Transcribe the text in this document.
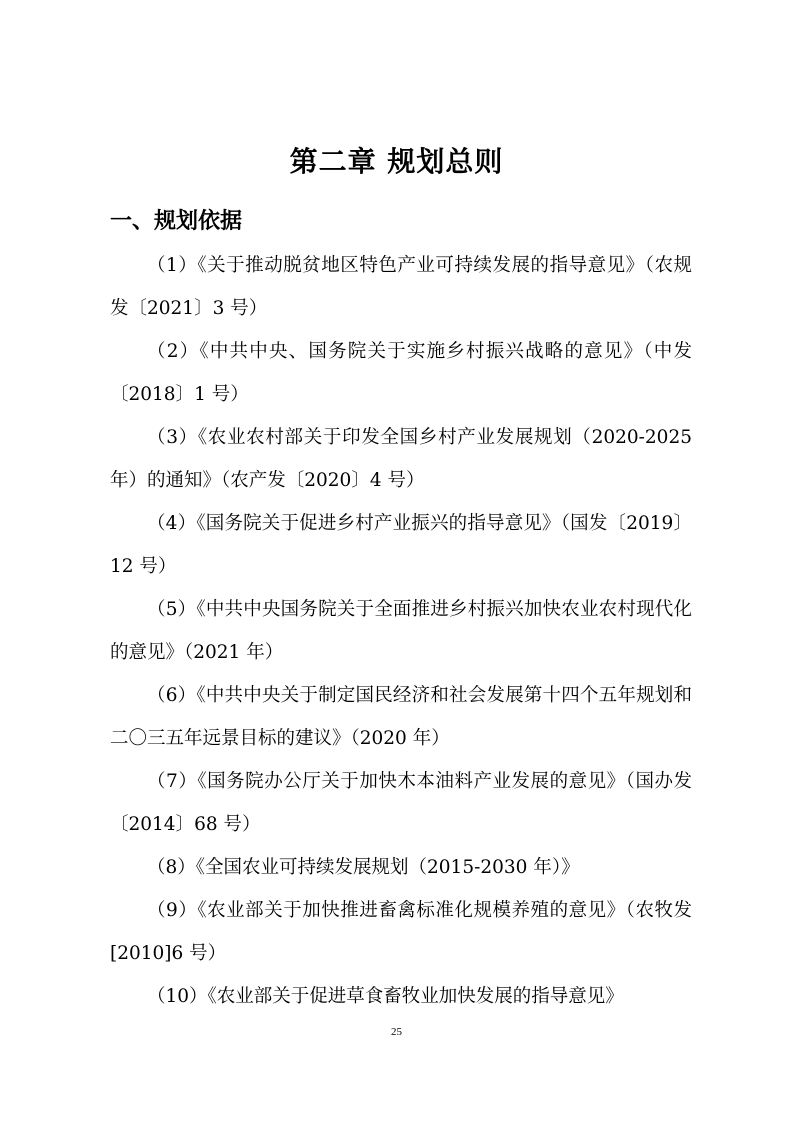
第二章 规划总则
一、规划依据

（1）《关于推动脱贫地区特色产业可持续发展的指导意见》（农规发〔2021〕3 号）

（2）《中共中央、国务院关于实施乡村振兴战略的意见》（中发〔2018〕1 号）

（3）《农业农村部关于印发全国乡村产业发展规划（2020-2025 年）的通知》（农产发〔2020〕4 号）

（4）《国务院关于促进乡村产业振兴的指导意见》（国发〔2019〕12 号）

（5）《中共中央国务院关于全面推进乡村振兴加快农业农村现代化的意见》（2021 年）

（6）《中共中央关于制定国民经济和社会发展第十四个五年规划和二〇三五年远景目标的建议》（2020 年）

（7）《国务院办公厅关于加快木本油料产业发展的意见》（国办发〔2014〕68 号）

（8）《全国农业可持续发展规划（2015-2030 年）》

（9）《农业部关于加快推进畜禽标准化规模养殖的意见》（农牧发[2010]6 号）

（10）《农业部关于促进草食畜牧业加快发展的指导意见》

25
